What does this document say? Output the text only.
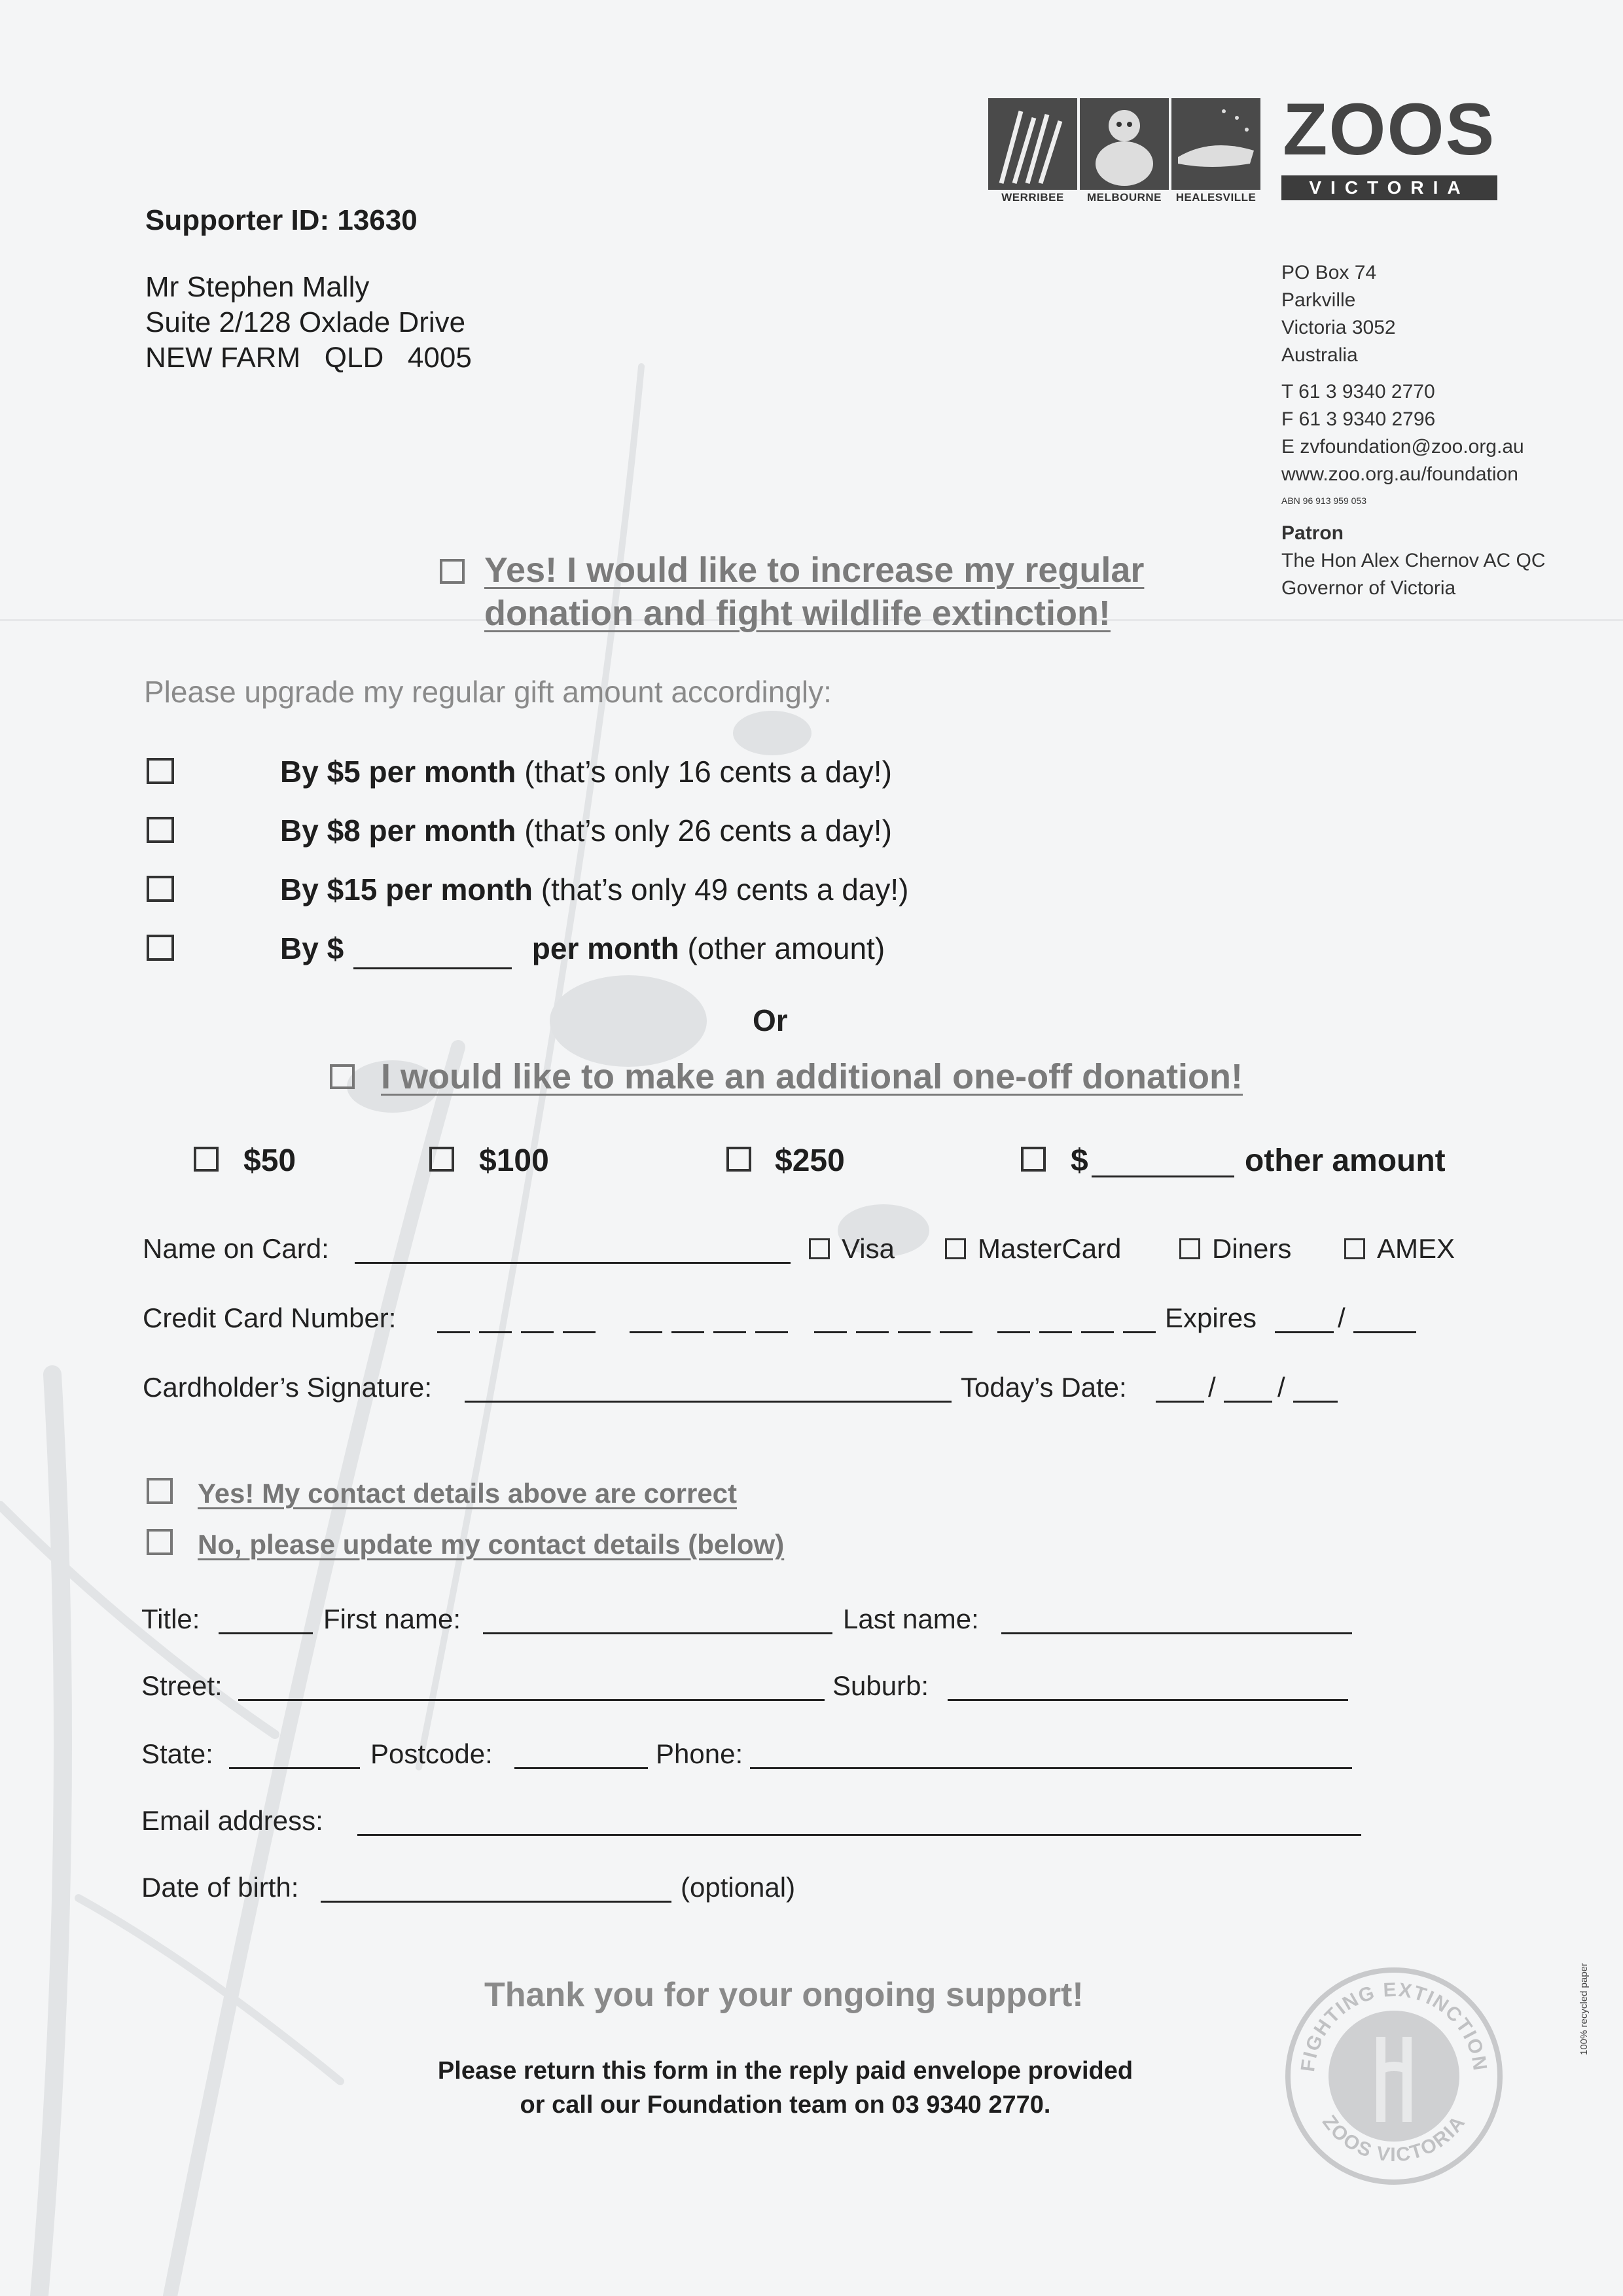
Supporter ID: 13630
Mr Stephen Mally
Suite 2/128 Oxlade Drive
NEW FARM   QLD   4005
WERRIBEE	MELBOURNE	HEALESVILLE
ZOOS
VICTORIA
PO Box 74
Parkville
Victoria 3052
Australia
T 61 3 9340 2770
F 61 3 9340 2796
E zvfoundation@zoo.org.au
www.zoo.org.au/foundation
ABN 96 913 959 053
Patron
The Hon Alex Chernov AC QC
Governor of Victoria
Yes! I would like to increase my regular donation and fight wildlife extinction!
Please upgrade my regular gift amount accordingly:
By $5 per month (that’s only 16 cents a day!)
By $8 per month (that’s only 26 cents a day!)
By $15 per month (that’s only 49 cents a day!)
By $	per month (other amount)
Or
I would like to make an additional one-off donation!
$50	$100	$250	$	other amount
Name on Card:	Visa	MasterCard	Diners	AMEX
Credit Card Number:	Expires	/
Cardholder’s Signature:	Today’s Date:	/ /
Yes! My contact details above are correct
No, please update my contact details (below)
Title:	First name:	Last name:
Street:	Suburb:
State:	Postcode:	Phone:
Email address:
Date of birth:	(optional)
Thank you for your ongoing support!
Please return this form in the reply paid envelope provided
or call our Foundation team on 03 9340 2770.
FIGHTING EXTINCTION
ZOOS VICTORIA
100% recycled paper
